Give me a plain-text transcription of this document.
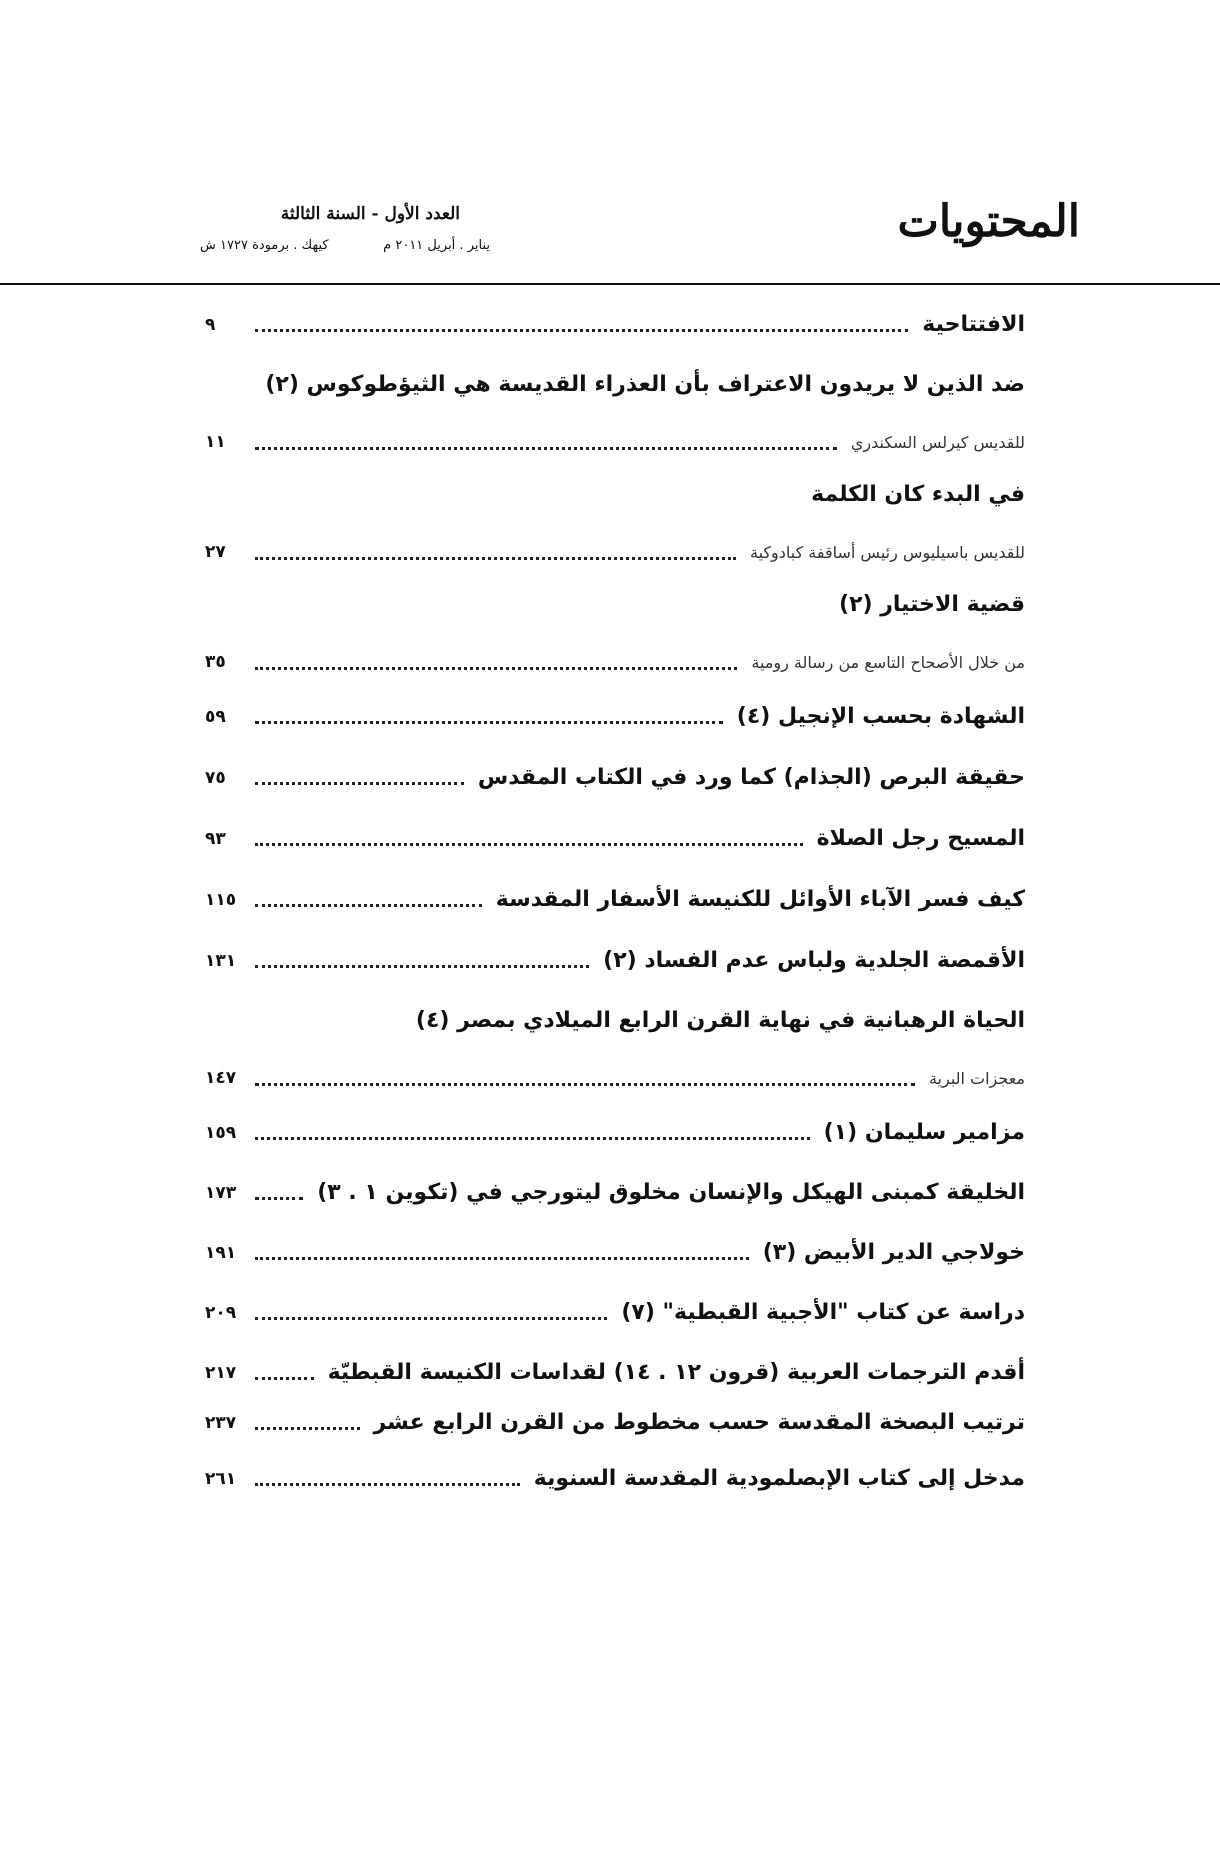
المحتويات
العدد الأول - السنة الثالثة
يناير . أبريل ٢٠١١ م
كيهك . برمودة ١٧٢٧ ش
الافتتاحية
٩
ضد الذين لا يريدون الاعتراف بأن العذراء القديسة هي الثيؤطوكوس (٢)
للقديس كيرلس السكندري
١١
في البدء كان الكلمة
للقديس باسيليوس رئيس أساقفة كبادوكية
٢٧
قضية الاختيار (٢)
من خلال الأصحاح التاسع من رسالة رومية
٣٥
الشهادة بحسب الإنجيل (٤)
٥٩
حقيقة البرص (الجذام) كما ورد في الكتاب المقدس
٧٥
المسيح رجل الصلاة
٩٣
كيف فسر الآباء الأوائل للكنيسة الأسفار المقدسة
١١٥
الأقمصة الجلدية ولباس عدم الفساد (٢)
١٣١
الحياة الرهبانية في نهاية القرن الرابع الميلادي بمصر (٤)
معجزات البرية
١٤٧
مزامير سليمان (١)
١٥٩
الخليقة كمبنى الهيكل والإنسان مخلوق ليتورجي في (تكوين ١ . ٣)
١٧٣
خولاجي الدير الأبيض (٣)
١٩١
دراسة عن كتاب "الأجبية القبطية" (٧)
٢٠٩
أقدم الترجمات العربية (قرون ١٢ . ١٤) لقداسات الكنيسة القبطيّة
٢١٧
ترتيب البصخة المقدسة حسب مخطوط من القرن الرابع عشر
٢٣٧
مدخل إلى كتاب الإبصلمودية المقدسة السنوية
٢٦١
